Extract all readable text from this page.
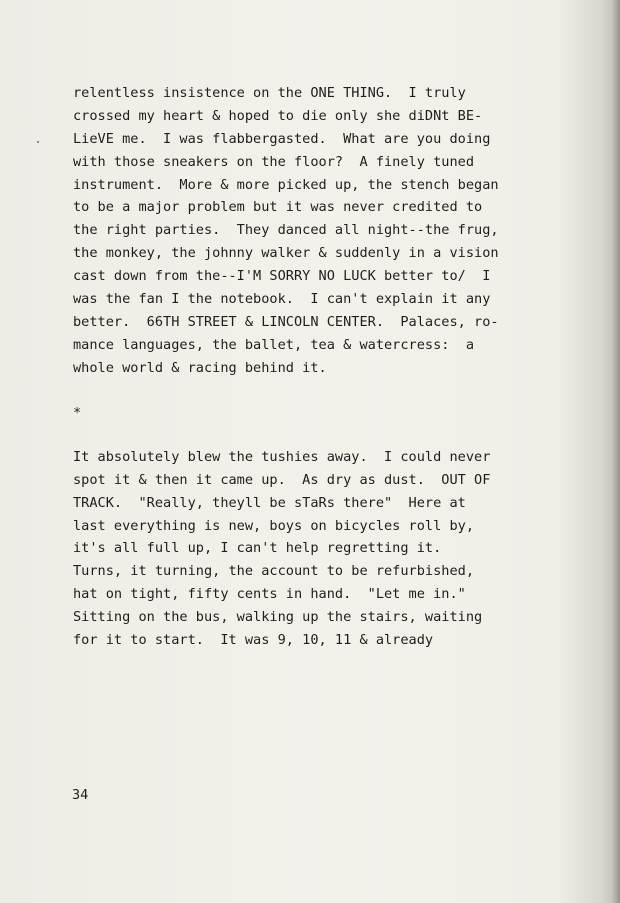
relentless insistence on the ONE THING.  I truly

crossed my heart & hoped to die only she diDNt BE-

LieVE me.  I was flabbergasted.  What are you doing

with those sneakers on the floor?  A finely tuned

instrument.  More & more picked up, the stench began

to be a major problem but it was never credited to

the right parties.  They danced all night--the frug,

the monkey, the johnny walker & suddenly in a vision

cast down from the--I'M SORRY NO LUCK better to/  I

was the fan I the notebook.  I can't explain it any

better.  66TH STREET & LINCOLN CENTER.  Palaces, ro-

mance languages, the ballet, tea & watercress:  a

whole world & racing behind it.

*

It absolutely blew the tushies away.  I could never

spot it & then it came up.  As dry as dust.  OUT OF

TRACK.  "Really, theyll be sTaRs there"  Here at

last everything is new, boys on bicycles roll by,

it's all full up, I can't help regretting it.

Turns, it turning, the account to be refurbished,

hat on tight, fifty cents in hand.  "Let me in."

Sitting on the bus, walking up the stairs, waiting

for it to start.  It was 9, 10, 11 & already

34
